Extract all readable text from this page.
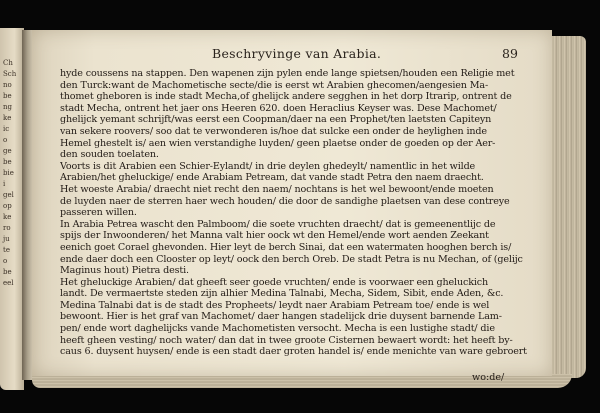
Ch
Sch
no
be
ng
ke
ic
o
ge
be
bie
i
gel
op
ke
ro
ju
te
o
be
eel
Beschryvinge van Arabia.	89
hyde coussens na stappen. Den wapenen zijn pylen ende lange spietsen/houden een Religie met
den Turck:want de Machometische secte/die is eerst wt Arabien ghecomen/aengesien Ma-
thomet gheboren is inde stadt Mecha,of ghelijck andere segghen in het dorp Itrarip, ontrent de
stadt Mecha, ontrent het jaer ons Heeren 620. doen Heraclius Keyser was. Dese Machomet/
ghelijck yemant schrijft/was eerst een Coopman/daer na een Prophet/ten laetsten Capiteyn
van sekere roovers/ soo dat te verwonderen is/hoe dat sulcke een onder de heylighen inde
Hemel ghestelt is/ aen wien verstandighe luyden/ geen plaetse onder de goeden op der Aer-
den souden toelaten.
Voorts is dit Arabien een Schier-Eylandt/ in drie deylen ghedeylt/ namentlic in het wilde
Arabien/het gheluckige/ ende Arabiam Petream, dat vande stadt Petra den naem draecht.
Het woeste Arabia/ draecht niet recht den naem/ nochtans is het wel bewoont/ende moeten
de luyden naer de sterren haer wech houden/ die door de sandighe plaetsen van dese contreye
passeren willen.
In Arabia Petrea wascht den Palmboom/ die soete vruchten draecht/ dat is gemeenentlijc de
spijs der Inwoonderen/ het Manna valt hier oock wt den Hemel/ende wort aenden Zeekant
eenich goet Corael ghevonden. Hier leyt de berch Sinai, dat een watermaten hooghen berch is/
ende daer doch een Clooster op leyt/ oock den berch Oreb. De stadt Petra is nu Mechan, of (gelijc
Maginus hout) Pietra desti.
Het gheluckige Arabien/ dat gheeft seer goede vruchten/ ende is voorwaer een gheluckich
landt. De vermaertste steden zijn alhier Medina Talnabi, Mecha, Sidem, Sibit, ende Aden, &c.
Medina Talnabi dat is de stadt des Propheets/ leydt naer Arabiam Petream toe/ ende is wel
bewoont. Hier is het graf van Machomet/ daer hangen stadelijck drie duysent barnende Lam-
pen/ ende wort daghelijcks vande Machometisten versocht. Mecha is een lustighe stadt/ die
heeft gheen vesting/ noch water/ dan dat in twee groote Cisternen bewaert wordt: het heeft by-
caus 6. duysent huysen/ ende is een stadt daer groten handel is/ ende menichte van ware gebroert
wo:de/
